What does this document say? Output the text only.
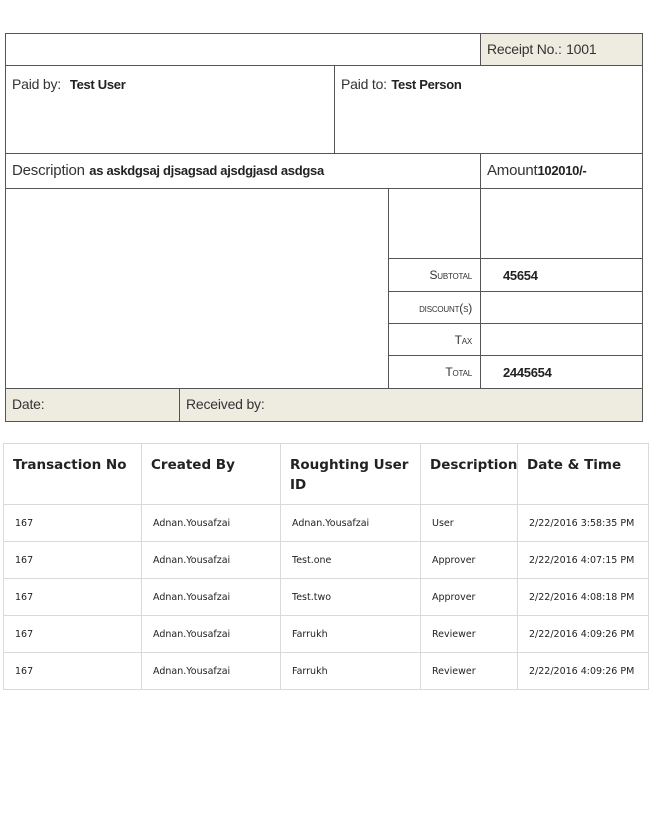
				Receipt No.: 1001
Paid by: Test User		Paid to: Test Person		
Description as askdgsaj djsagsad ajsdgjasd asdgsa				Amount102010/-

			Subtotal	45654
			discount(s)	
			Tax	
			Total	2445654
Date:	Received by:			
Transaction No	Created By	Roughting User ID	Description	Date & Time
167	Adnan.Yousafzai	Adnan.Yousafzai	User	2/22/2016 3:58:35 PM
167	Adnan.Yousafzai	Test.one	Approver	2/22/2016 4:07:15 PM
167	Adnan.Yousafzai	Test.two	Approver	2/22/2016 4:08:18 PM
167	Adnan.Yousafzai	Farrukh	Reviewer	2/22/2016 4:09:26 PM
167	Adnan.Yousafzai	Farrukh	Reviewer	2/22/2016 4:09:26 PM
